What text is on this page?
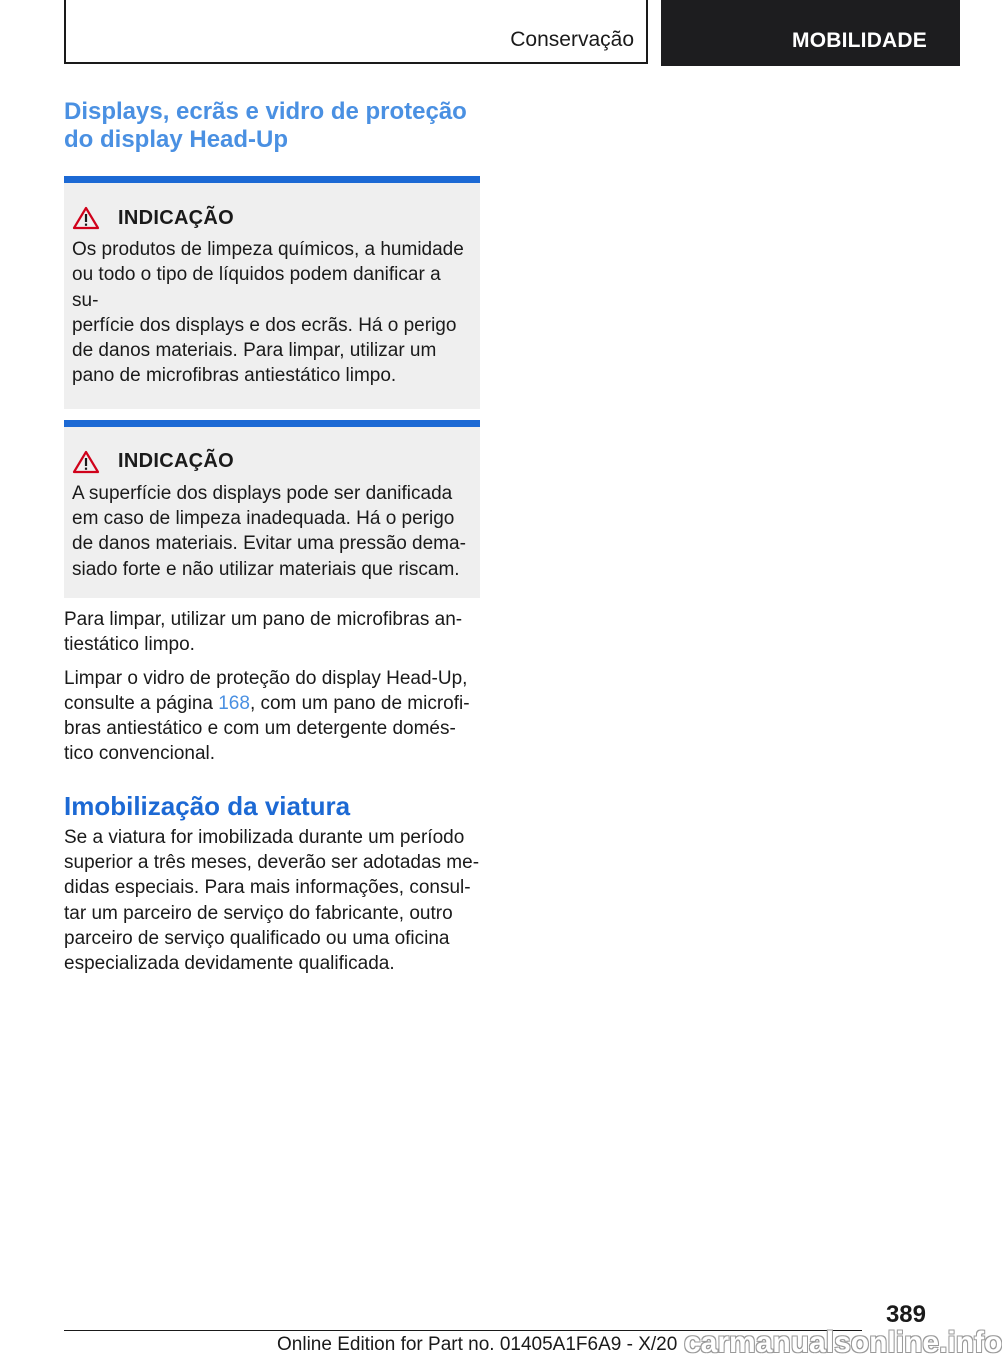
Conservação	MOBILIDADE
Displays, ecrãs e vidro de proteção
do display Head-Up
INDICAÇÃO

Os produtos de limpeza químicos, a humidade
ou todo o tipo de líquidos podem danificar a su-
perfície dos displays e dos ecrãs. Há o perigo
de danos materiais. Para limpar, utilizar um
pano de microfibras antiestático limpo.

INDICAÇÃO

A superfície dos displays pode ser danificada
em caso de limpeza inadequada. Há o perigo
de danos materiais. Evitar uma pressão dema-
siado forte e não utilizar materiais que riscam.

Para limpar, utilizar um pano de microfibras an-
tiestático limpo.

Limpar o vidro de proteção do display Head-Up,
consulte a página 168, com um pano de microfi-
bras antiestático e com um detergente domés-
tico convencional.

Imobilização da viatura

Se a viatura for imobilizada durante um período
superior a três meses, deverão ser adotadas me-
didas especiais. Para mais informações, consul-
tar um parceiro de serviço do fabricante, outro
parceiro de serviço qualificado ou uma oficina
especializada devidamente qualificada.

389
Online Edition for Part no. 01405A1F6A9 - X/20 carmanualsonline.info
